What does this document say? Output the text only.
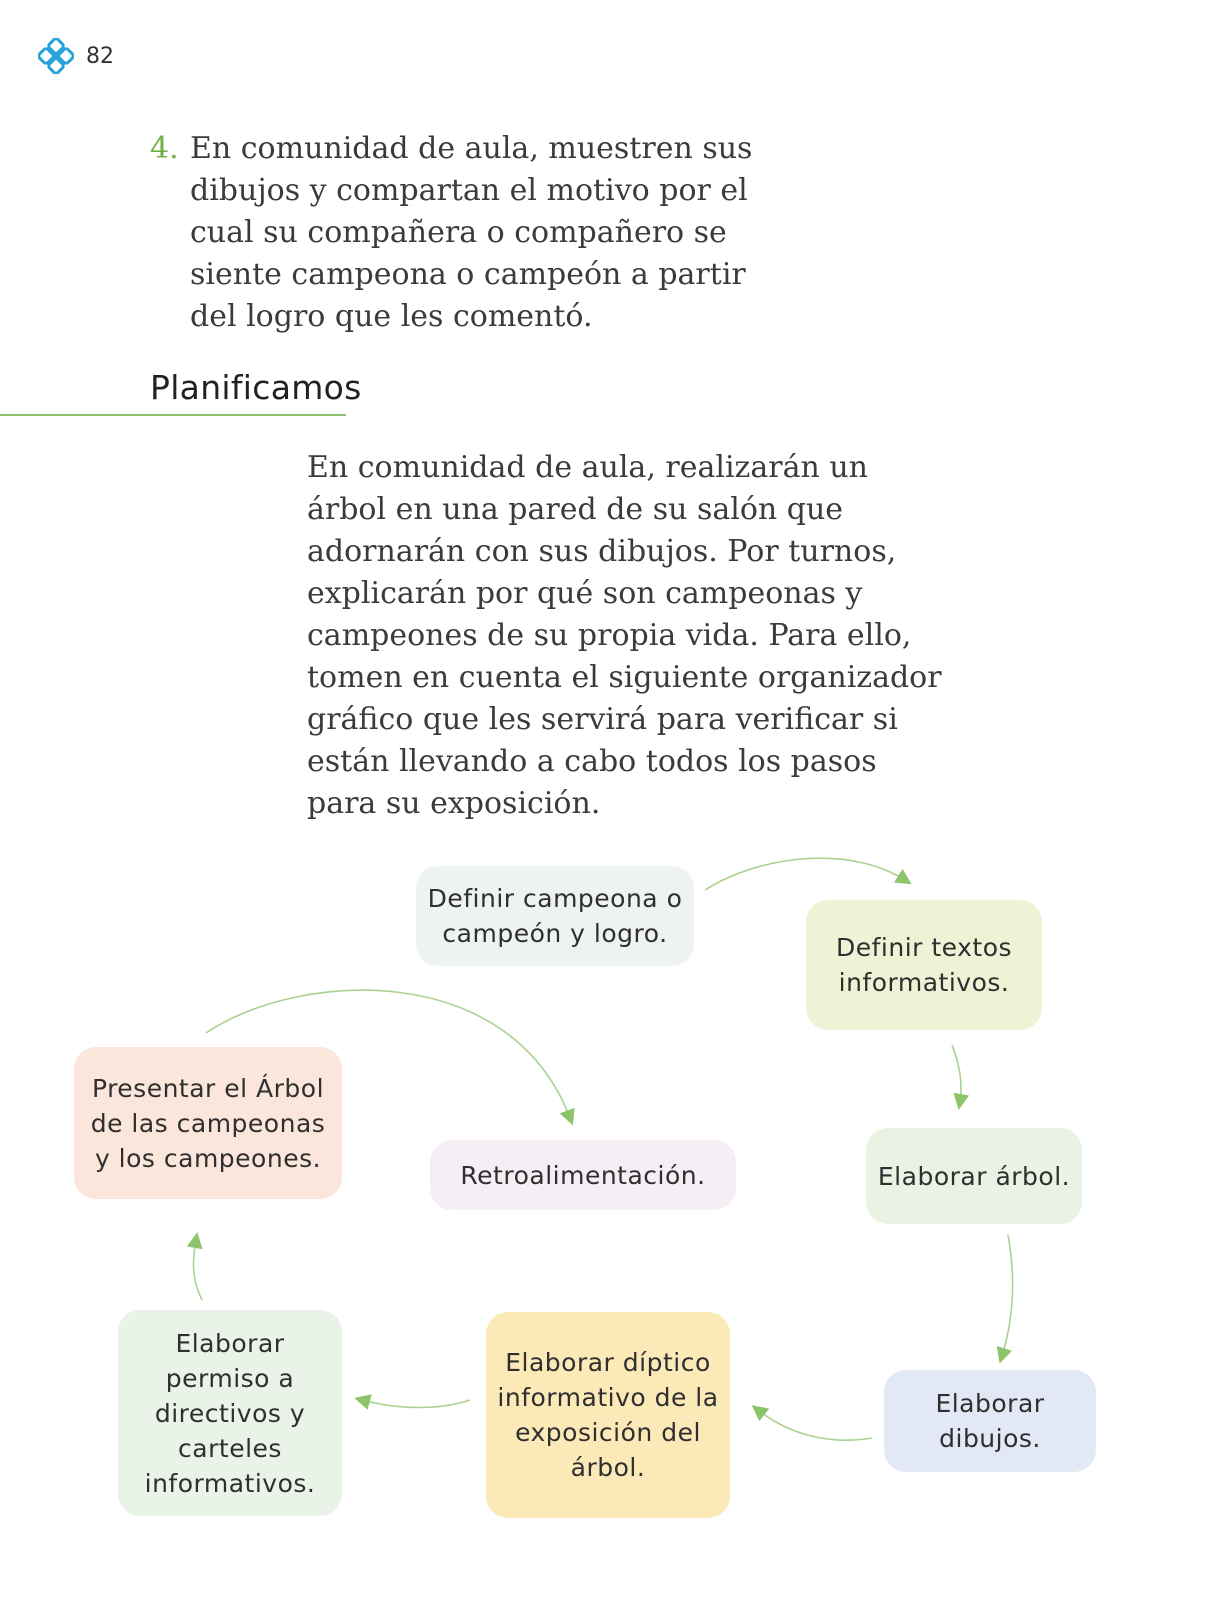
82
4. En comunidad de aula, muestren sus dibujos y compartan el motivo por el cual su compañera o compañero se siente campeona o campeón a partir del logro que les comentó.
Planificamos
En comunidad de aula, realizarán un árbol en una pared de su salón que adornarán con sus dibujos. Por turnos, explicarán por qué son campeonas y campeones de su propia vida. Para ello, tomen en cuenta el siguiente organizador gráfico que les servirá para verificar si están llevando a cabo todos los pasos para su exposición.
Definir campeona o campeón y logro.	Definir textos informativos.
Elaborar árbol.
Elaborar dibujos.
Elaborar díptico informativo de la exposición del árbol.
Elaborar permiso a directivos y carteles informativos.
Presentar el Árbol de las campeonas y los campeones.
Retroalimentación.
